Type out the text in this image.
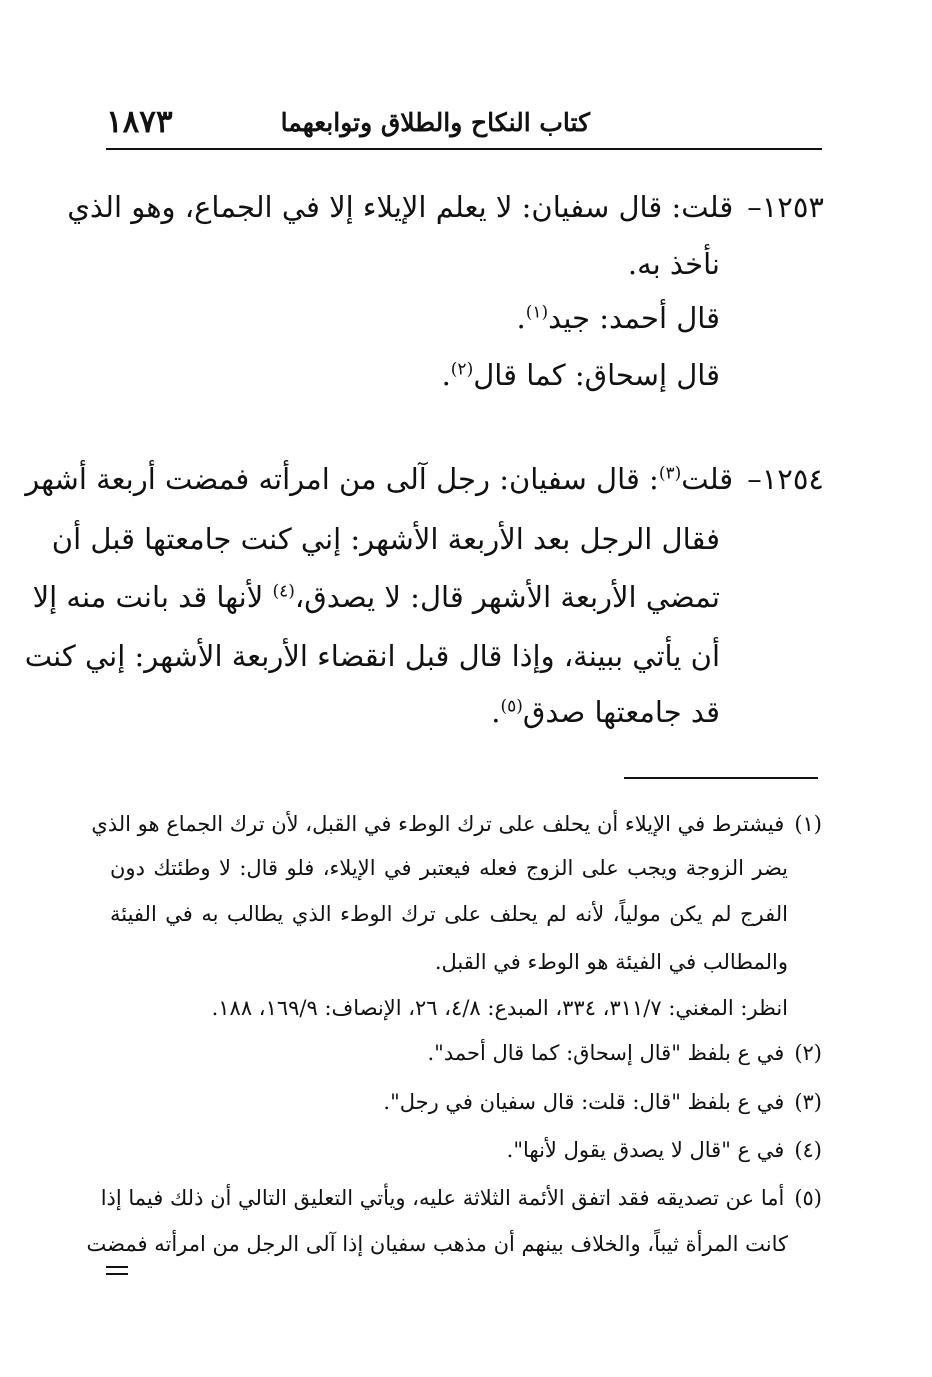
كتاب النكاح والطلاق وتوابعهما
١٨٧٣
١٢٥٣–قلت: قال سفيان: لا يعلم الإيلاء إلا في الجماع، وهو الذي
نأخذ به.
قال أحمد: جيد$^{(١)}$.
قال إسحاق: كما قال$^{(٢)}$.
١٢٥٤–قلت$^{(٣)}$: قال سفيان: رجل آلى من امرأته فمضت أربعة أشهر
فقال الرجل بعد الأربعة الأشهر: إني كنت جامعتها قبل أن
تمضي الأربعة الأشهر قال: لا يصدق،$^{(٤)}$ لأنها قد بانت منه إلا
أن يأتي ببينة، وإذا قال قبل انقضاء الأربعة الأشهر: إني كنت
قد جامعتها صدق$^{(٥)}$.
(١)فيشترط في الإيلاء أن يحلف على ترك الوطء في القبل، لأن ترك الجماع هو الذي
يضر الزوجة ويجب على الزوج فعله فيعتبر في الإيلاء، فلو قال: لا وطئتك دون
الفرج لم يكن مولياً، لأنه لم يحلف على ترك الوطء الذي يطالب به في الفيئة
والمطالب في الفيئة هو الوطء في القبل.
انظر: المغني: ٣١١/٧، ٣٣٤، المبدع: ٤/٨، ٢٦، الإنصاف: ١٦٩/٩، ١٨٨.
(٢)في ع بلفظ "قال إسحاق: كما قال أحمد".
(٣)في ع بلفظ "قال: قلت: قال سفيان في رجل".
(٤)في ع "قال لا يصدق يقول لأنها".
(٥)أما عن تصديقه فقد اتفق الأئمة الثلاثة عليه، ويأتي التعليق التالي أن ذلك فيما إذا
كانت المرأة ثيباً، والخلاف بينهم أن مذهب سفيان إذا آلى الرجل من امرأته فمضت
